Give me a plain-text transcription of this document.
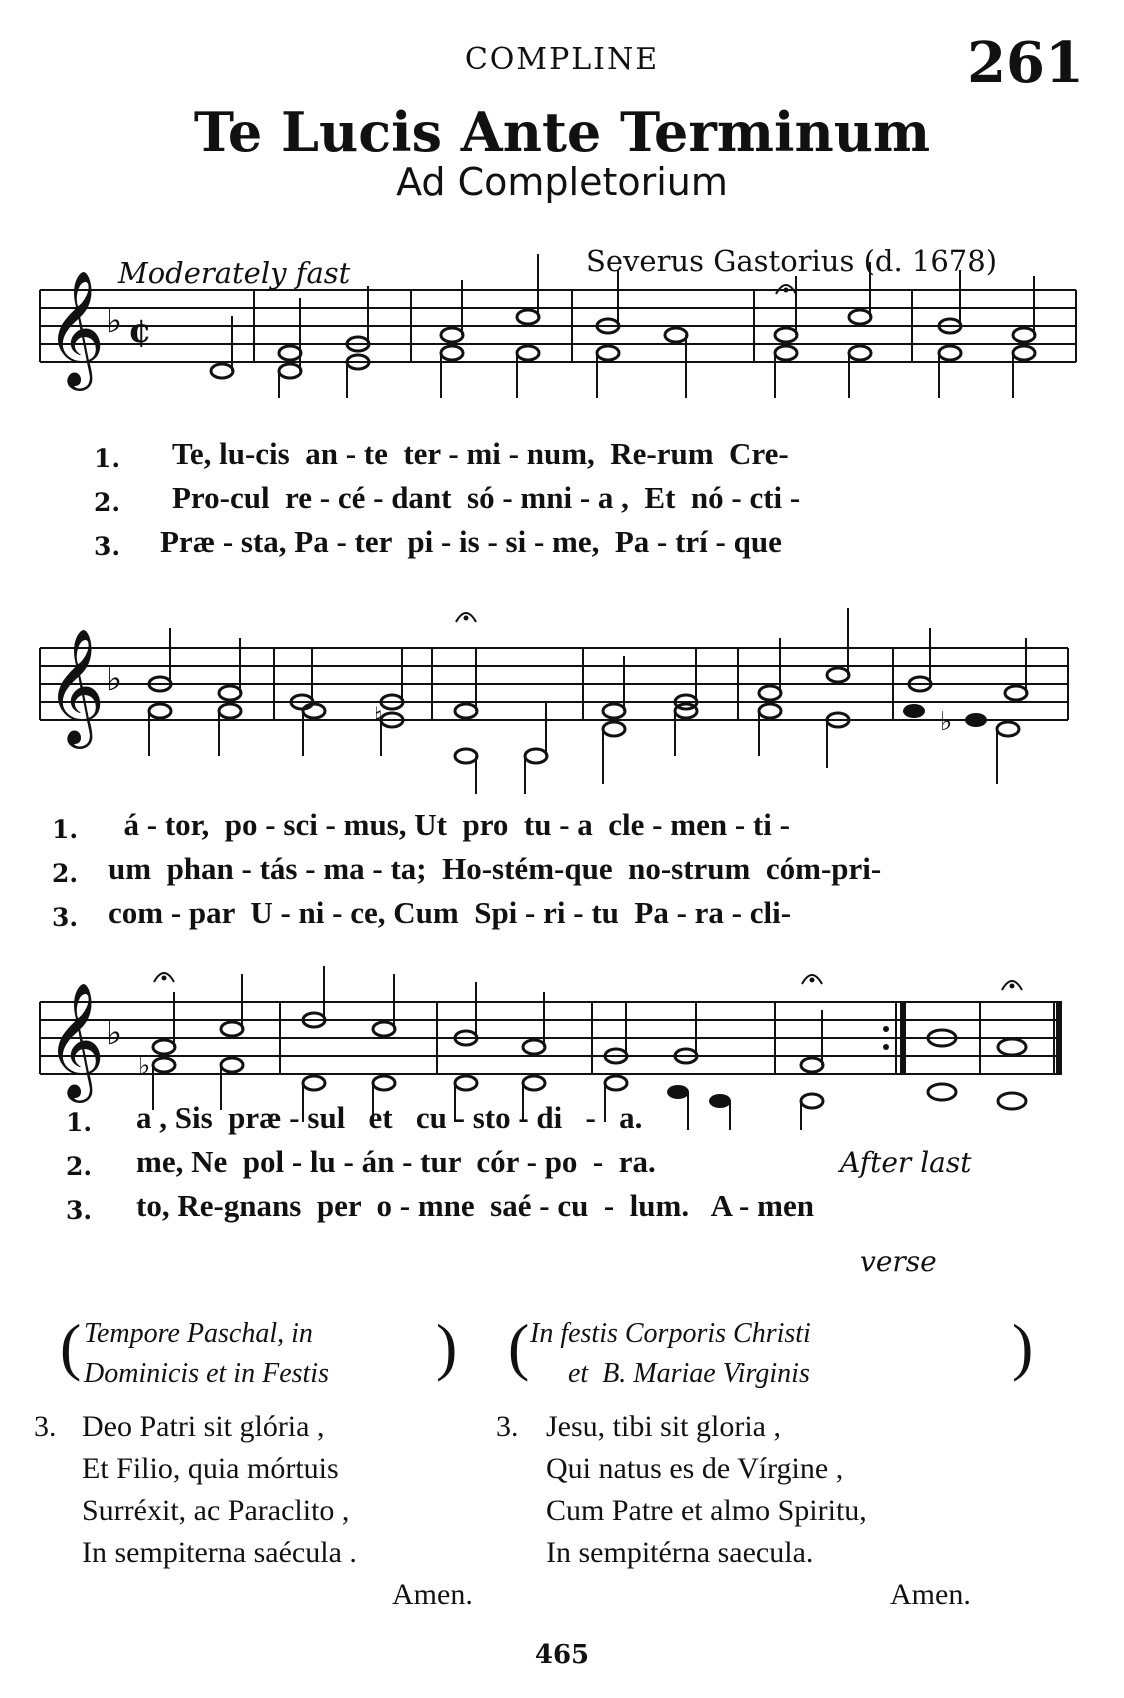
COMPLINE	261
Te Lucis Ante Terminum
Ad Completorium
Moderately fast	Severus Gastorius (d. 1678)
𝄞 ♭ ¢
1. Te, lu-cis  an - te  ter - mi - num,  Re-rum  Cre-
2. Pro-cul  re - cé - dant  só - mni - a ,  Et  nó - cti -
3. Præ - sta, Pa - ter  pi - is - si - me,  Pa - trí - que
𝄞 ♭
♮	♭
1. á - tor,  po - sci - mus, Ut  pro  tu - a  cle - men - ti -
2. um  phan - tás - ma - ta;  Ho-stém-que  no-strum  cóm-pri-
3. com - par  U - ni - ce, Cum  Spi - ri - tu  Pa - ra - cli-
𝄞 ♭
♭

After last

verse

1. a , Sis  præ - sul   et   cu - sto - di   -   a.
2. me, Ne  pol - lu - án - tur  cór - po  -  ra.
3. to, Re-gnans  per  o - mne  saé - cu  -  lum.   A - men
( Tempore Paschal, in
Dominicis et in Festis )
3. Deo Patri sit glória ,
Et Filio, quia mórtuis
Surréxit, ac Paraclito ,
In sempiterna saécula .
Amen.
( In festis Corporis Christi
et  B. Mariae Virginis	)
3. Jesu, tibi sit gloria ,
Qui natus es de Vírgine ,
Cum Patre et almo Spiritu,
In sempitérna saecula.
Amen.
465
